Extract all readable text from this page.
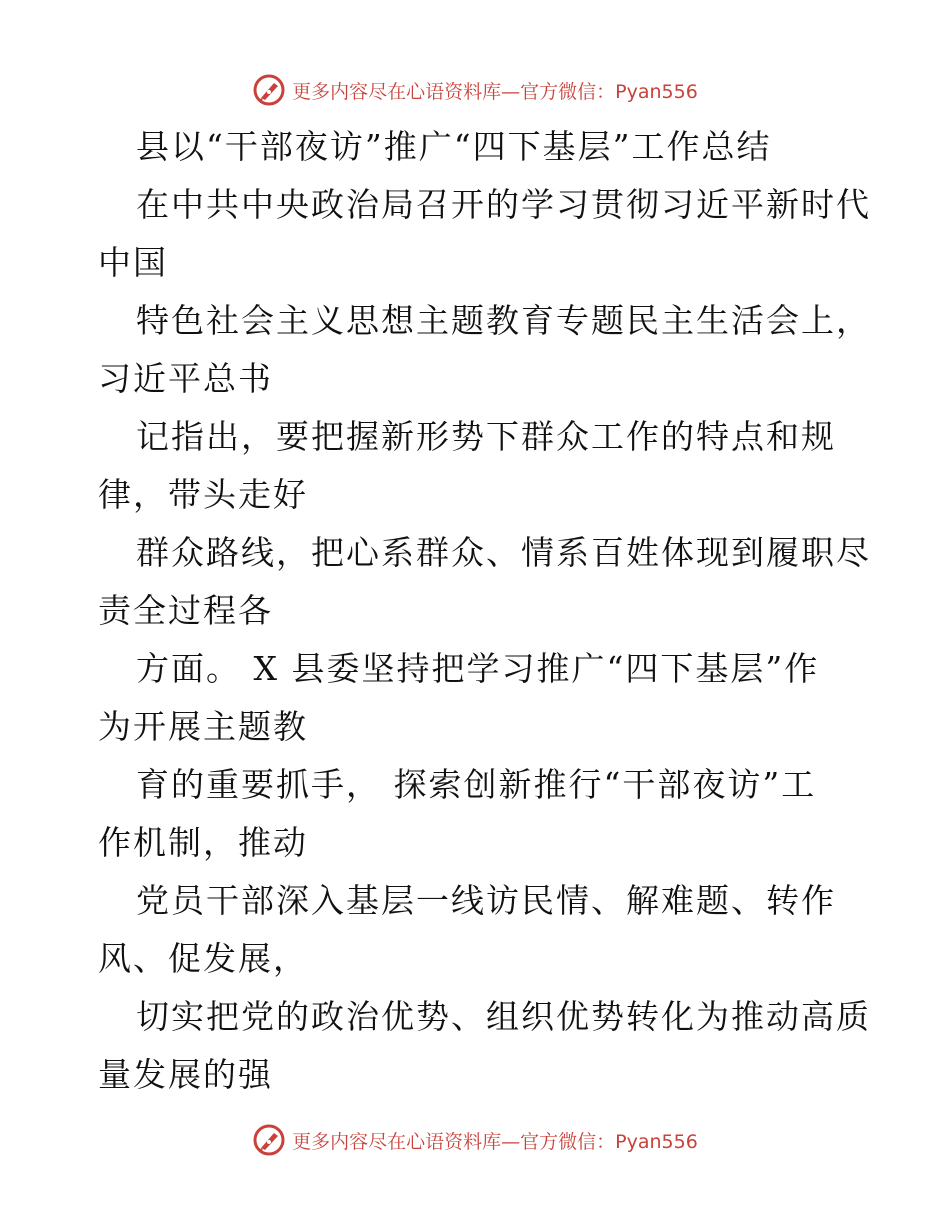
更多内容尽在心语资料库—官方微信：Pyan556
县以“干部夜访”推广“四下基层”工作总结
在中共中央政治局召开的学习贯彻习近平新时代
中国
特色社会主义思想主题教育专题民主生活会上，
习近平总书
记指出，要把握新形势下群众工作的特点和规
律，带头走好
群众路线，把心系群众、情系百姓体现到履职尽
责全过程各
方面。 X 县委坚持把学习推广“四下基层”作
为开展主题教
育的重要抓手， 探索创新推行“干部夜访”工
作机制，推动
党员干部深入基层一线访民情、解难题、转作
风、促发展，
切实把党的政治优势、组织优势转化为推动高质
量发展的强
更多内容尽在心语资料库—官方微信：Pyan556
